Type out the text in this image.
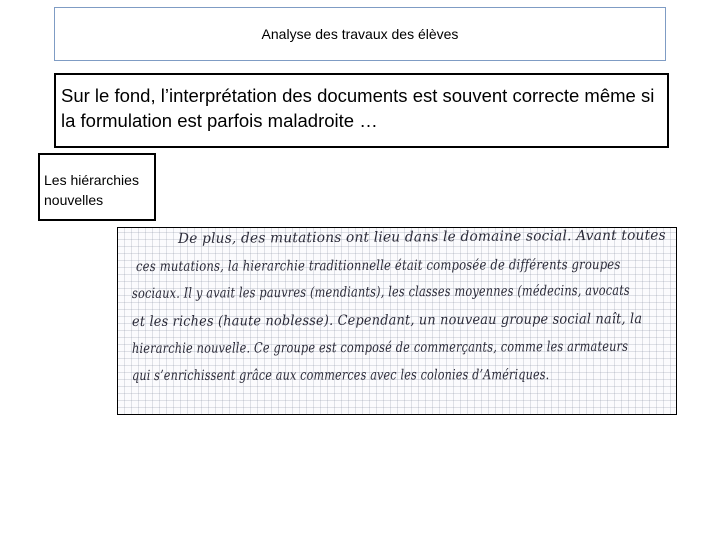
Analyse des travaux des élèves
Sur le fond, l’interprétation des documents est souvent correcte même si la formulation est parfois maladroite …
Les hiérarchies nouvelles
De plus, des mutations ont lieu dans le domaine social. Avant toutes
ces mutations, la hierarchie traditionnelle était composée de différents groupes
sociaux. Il y avait les pauvres (mendiants), les classes moyennes (médecins, avocats
et les riches (haute noblesse). Cependant, un nouveau groupe social naît, la
hierarchie nouvelle. Ce groupe est composé de commerçants, comme les armateurs
qui s’enrichissent grâce aux commerces avec les colonies d’Amériques.
